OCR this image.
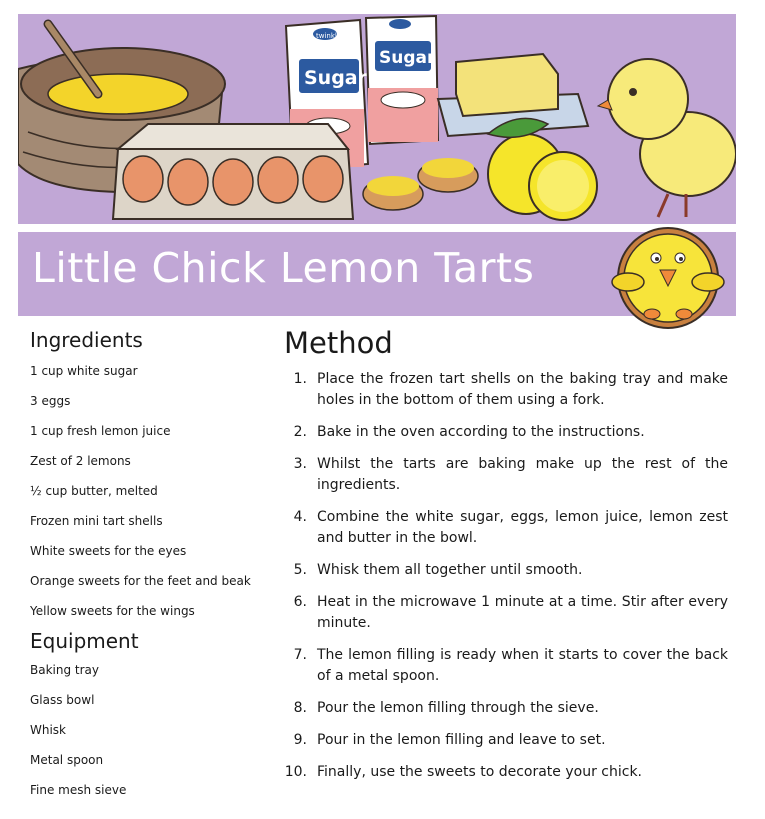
twinkl
Sugar
Sugar
Little Chick Lemon Tarts
Ingredients
1 cup white sugar
3 eggs
1 cup fresh lemon juice
Zest of 2 lemons
½ cup butter, melted
Frozen mini tart shells
White sweets for the eyes
Orange sweets for the feet and beak
Yellow sweets for the wings
Equipment
Baking tray
Glass bowl
Whisk
Metal spoon
Fine mesh sieve
Method
1. Place the frozen tart shells on the baking tray and make holes in the bottom of them using a fork.
2. Bake in the oven according to the instructions.
3. Whilst the tarts are baking make up the rest of the ingredients.
4. Combine the white sugar, eggs, lemon juice, lemon zest and butter in the bowl.
5. Whisk them all together until smooth.
6. Heat in the microwave 1 minute at a time. Stir after every minute.
7. The lemon filling is ready when it starts to cover the back of a metal spoon.
8. Pour the lemon filling through the sieve.
9. Pour in the lemon filling and leave to set.
10. Finally, use the sweets to decorate your chick.
